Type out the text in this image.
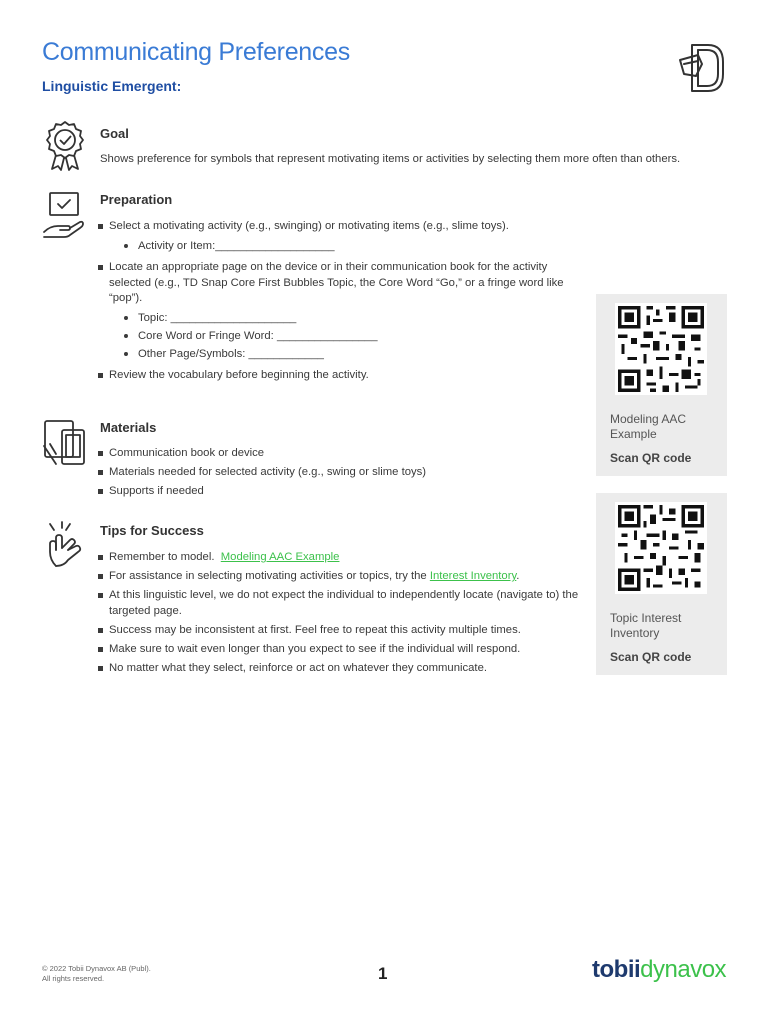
Communicating Preferences
Linguistic Emergent:
Goal
Shows preference for symbols that represent motivating items or activities by selecting them more often than others.
Preparation
Select a motivating activity (e.g., swinging) or motivating items (e.g., slime toys).
Activity or Item:___________________
Locate an appropriate page on the device or in their communication book for the activity selected (e.g., TD Snap Core First Bubbles Topic, the Core Word “Go,” or a fringe word like “pop”).
Topic: ____________________
Core Word or Fringe Word: ________________
Other Page/Symbols: ____________
Review the vocabulary before beginning the activity.
Materials
Communication book or device
Materials needed for selected activity (e.g., swing or slime toys)
Supports if needed
Tips for Success
Remember to model.  Modeling AAC Example
For assistance in selecting motivating activities or topics, try the Interest Inventory.
At this linguistic level, we do not expect the individual to independently locate (navigate to) the targeted page.
Success may be inconsistent at first. Feel free to repeat this activity multiple times.
Make sure to wait even longer than you expect to see if the individual will respond.
No matter what they select, reinforce or act on whatever they communicate.
Modeling AAC Example
Scan QR code
Topic Interest Inventory
Scan QR code
© 2022 Tobii Dynavox AB (Publ).
All rights reserved.	1	tobiidynavox
